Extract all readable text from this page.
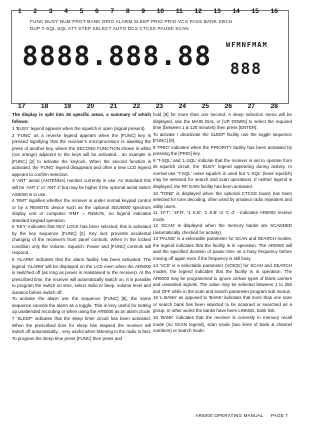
FUNC BUSY NUM PROT BANK DRIO ALARM SLEEP PRIO PRIO VCS PASS BANK SRCH
DUP T-SQL SQL ATT STEP SELECT AUTO DCS CTCSS PAUSE SCAN
8888.888.88 WFMNFMAM
888
1 2 3 4 5 6 7 8 9 10 11 12 13 14 15 16
17 18 19 20 21 22 23 24 25 26 27 28

The display is split into 26 specific areas, a summary of which follows:

1 'BUSY' legend appears when the squelch is open (signal present).

2 'FUNC' as a reverse legend appears when the [FUNC] key is pressed signifying that the receiver's microprocessor is awaiting the press of another key, where the SECOND FUNCTION shown in white (not orange) adjacent to the keys will be activated... an example is [FUNC] [2] to activate the keylock. When the second function is activated, the 'FUNC' legend disappears and often a new LCD legend appears to confirm selection.

3 'ANT' aerial (ANTENNA) number currently in use. As standard this will be 'ANT 1' or 'ANT 2' but may be higher if the optional aerial switch AS5000 is in use.

4 'RMT' signifies whether the receiver is under normal keypad control or by a REMOTE device such as the optional SDU5000 spectrum display unit or computer. RMT = RsMoTe, no legend indicates standard keypad operation.

5 'KEY' indicates that KEY LOCK has been selected, this is activated by the key sequence [FUNC] [2]. Key lock prevents accidental changing of the receiver's front panel controls. When in the locked condition only the Volume, Squelch, Power and [FUNC] controls will respond.

6 'ALARM' indicates that the alarm facility has been activated. The legend 'ALARM' will be displayed on the LCD even when the AR5000 is switched off (as long as power is maintained to the receiver). At the prescribed time, the receiver will automatically switch on. It is possible to program the switch on time, select radio or beep, volume level and duration before switch off.

To activate the alarm use the sequence [FUNC] [8], the same sequence cancels the alarm as a toggle. This is very useful for setting up unattended recording or when using the AR5000 as an alarm clock!

7 'SLEEP' indicates that the sleep timer circuit has been activated. When the prescribed time for sleep has elapsed the receiver will switch off automatically... very useful when listening to the radio in bed.

To program the sleep time press [FUNC] then press and

hold [9] for more than one second. A sleep selection menu will be displayed, use the MAIN DIAL or [UP DOWN] to select the required time (between 1 & 120 minutes) then press [ENTER].

To activate / deactivate the SLEEP facility use the toggle sequence [FUNC] [9].

8 'PRIO' indicates when the PRIORITY facility has been activated by pressing the [PRIO] key.

9 'T-SQL' and 'L-SQL' indicate that the receiver is set to operate from its squelch circuit, the 'BUSY' legend appearing during activity. In normal use 'T-SQL' noise squelch is used but 'L-SQL' (level squelch) may be selected for search and scan operations. If neither legend is displayed, the RF GAIN facility has been activated.

10 'TONE' is displayed when the optional CTCSS board has been selected for tone decoding, often used by amateur radio repeaters and utility users.

11 '1F.T', '1F.R', '1 S.B', '1 S.B' or 'C d' - indicates AR5000 receive mode.

12 'SCAN' is displayed when the memory banks are SCANNED (automatically checked for activity).

13 'PAUSE' is a selectable parameter for SCAN and SEARCH modes, the legend indicates that the facility is in operation. The AR5000 will wait the specified duration of pause time on a busy frequency before moving off again even if the frequency is still busy.

14 'VCS' is a selectable parameter (VOICE) for SCAN and SEARCH modes, the legend indicates that the facility is in operation. The AR5000 may be programmed to ignore certain types of blank carriers and unwanted signals. The value may be selected between 1 to 255 and OFF while in the scan and search parameter program sub menus.

15 'L-BANK' as opposed to 'BANK' indicates that more than one scan or search bank has been selected to be scanned or searched as a group. In other works the banks have been LINKED, bank link.

16 'BANK' indicates that the receiver is currently in memory recall mode (no SCAN legend), scan mode (two lines of bank & channel numbers) or search mode.

AR5000 OPERATING MANUAL PAGE 7
